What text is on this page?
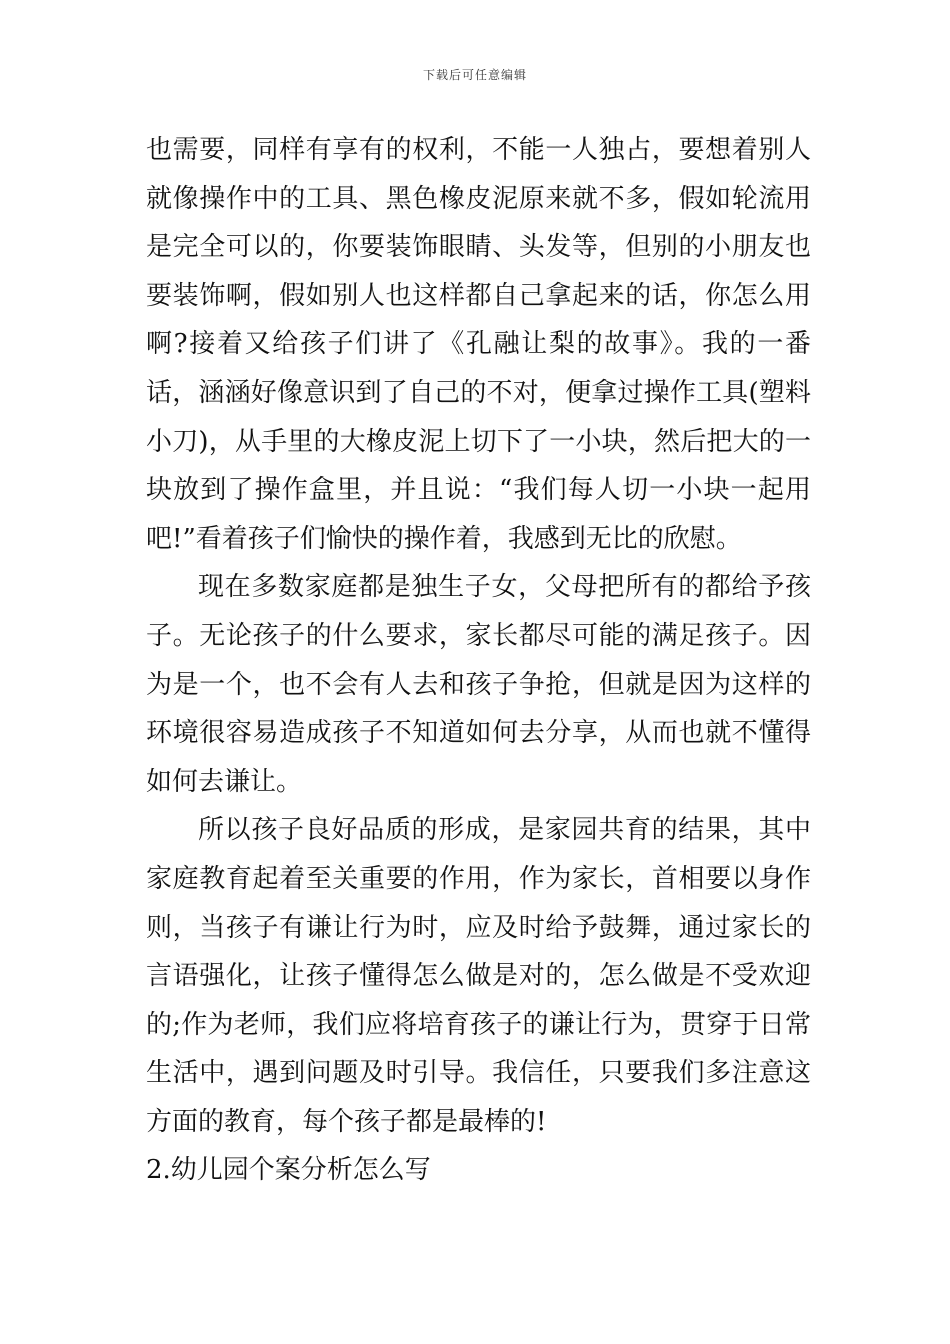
下载后可任意编辑

也需要，同样有享有的权利，不能一人独占，要想着别人就像操作中的工具、黑色橡皮泥原来就不多，假如轮流用是完全可以的，你要装饰眼睛、头发等，但别的小朋友也要装饰啊，假如别人也这样都自己拿起来的话，你怎么用啊?接着又给孩子们讲了《孔融让梨的故事》。我的一番话，涵涵好像意识到了自己的不对，便拿过操作工具(塑料小刀)，从手里的大橡皮泥上切下了一小块，然后把大的一块放到了操作盒里，并且说：“我们每人切一小块一起用吧!”看着孩子们愉快的操作着，我感到无比的欣慰。

现在多数家庭都是独生子女，父母把所有的都给予孩子。无论孩子的什么要求，家长都尽可能的满足孩子。因为是一个，也不会有人去和孩子争抢，但就是因为这样的环境很容易造成孩子不知道如何去分享，从而也就不懂得如何去谦让。

所以孩子良好品质的形成，是家园共育的结果，其中家庭教育起着至关重要的作用，作为家长，首相要以身作则，当孩子有谦让行为时，应及时给予鼓舞，通过家长的言语强化，让孩子懂得怎么做是对的，怎么做是不受欢迎的;作为老师，我们应将培育孩子的谦让行为，贯穿于日常生活中，遇到问题及时引导。我信任，只要我们多注意这方面的教育，每个孩子都是最棒的!

2.幼儿园个案分析怎么写
